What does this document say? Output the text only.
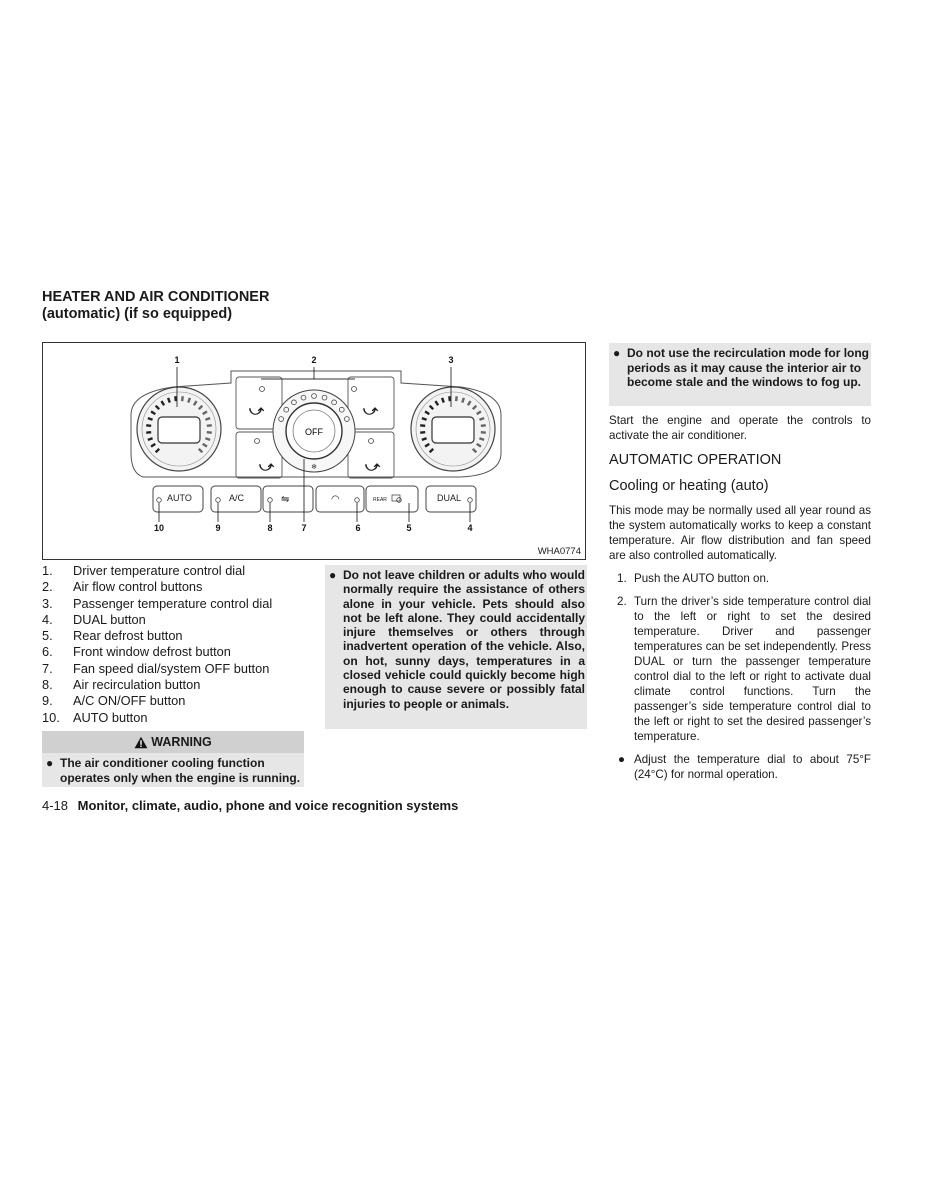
HEATER AND AIR CONDITIONER
(automatic) (if so equipped)
⤻
⤻
⤻
⤻
OFF
❄
AUTO	A/C	⇋	◠	REAR	DUAL
1	2	3
10	9	8	7	6	5	4
WHA0774
1.	Driver temperature control dial
2.	Air flow control buttons
3.	Passenger temperature control dial
4.	DUAL button
5.	Rear defrost button
6.	Front window defrost button
7.	Fan speed dial/system OFF button
8.	Air recirculation button
9.	A/C ON/OFF button
10.	AUTO button
WARNING
● The air conditioner cooling function operates only when the engine is running.
● Do not leave children or adults who would normally require the assistance of others alone in your vehicle. Pets should also not be left alone. They could accidentally injure themselves or others through inadvertent operation of the vehicle. Also, on hot, sunny days, temperatures in a closed vehicle could quickly become high enough to cause severe or possibly fatal injuries to people or animals.
● Do not use the recirculation mode for long periods as it may cause the interior air to become stale and the windows to fog up.
Start the engine and operate the controls to activate the air conditioner.
AUTOMATIC OPERATION
Cooling or heating (auto)
This mode may be normally used all year round as the system automatically works to keep a constant temperature. Air flow distribution and fan speed are also controlled automatically.
1. Push the AUTO button on.
2. Turn the driver’s side temperature control dial to the left or right to set the desired temperature. Driver and passenger temperatures can be set independently. Press DUAL or turn the passenger temperature control dial to the left or right to activate dual climate control functions. Turn the passenger’s side temperature control dial to the left or right to set the desired passenger’s temperature.
● Adjust the temperature dial to about 75°F (24°C) for normal operation.
4-18 Monitor, climate, audio, phone and voice recognition systems
